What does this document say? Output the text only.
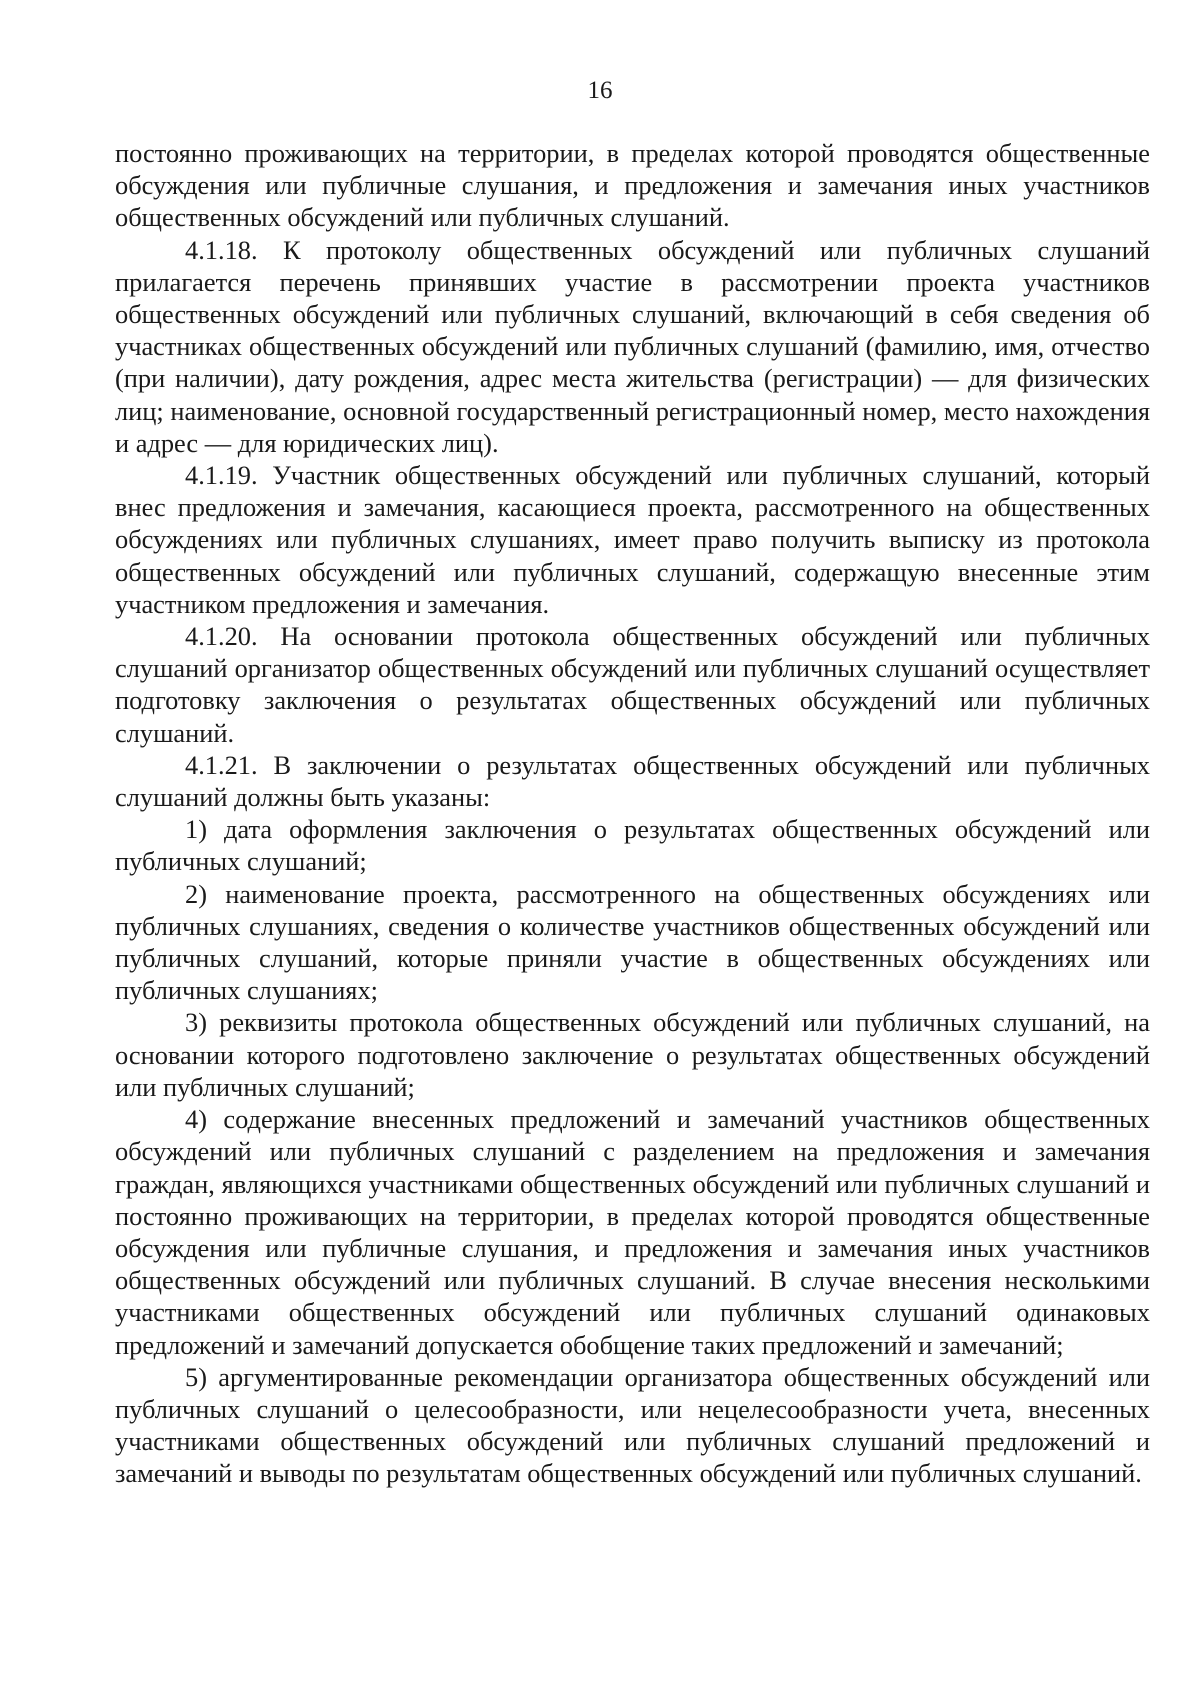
16

постоянно проживающих на территории, в пределах которой проводятся общественные обсуждения или публичные слушания, и предложения и замечания иных участников общественных обсуждений или публичных слушаний.

4.1.18. К протоколу общественных обсуждений или публичных слушаний прилагается перечень принявших участие в рассмотрении проекта участников общественных обсуждений или публичных слушаний, включающий в себя сведения об участниках общественных обсуждений или публичных слушаний (фамилию, имя, отчество (при наличии), дату рождения, адрес места жительства (регистрации) — для физических лиц; наименование, основной государственный регистрационный номер, место нахождения и адрес — для юридических лиц).

4.1.19. Участник общественных обсуждений или публичных слушаний, который внес предложения и замечания, касающиеся проекта, рассмотренного на общественных обсуждениях или публичных слушаниях, имеет право получить выписку из протокола общественных обсуждений или публичных слушаний, содержащую внесенные этим участником предложения и замечания.

4.1.20. На основании протокола общественных обсуждений или публичных слушаний организатор общественных обсуждений или публичных слушаний осуществляет подготовку заключения о результатах общественных обсуждений или публичных слушаний.

4.1.21. В заключении о результатах общественных обсуждений или публичных слушаний должны быть указаны:

1) дата оформления заключения о результатах общественных обсуждений или публичных слушаний;

2) наименование проекта, рассмотренного на общественных обсуждениях или публичных слушаниях, сведения о количестве участников общественных обсуждений или публичных слушаний, которые приняли участие в общественных обсуждениях или публичных слушаниях;

3) реквизиты протокола общественных обсуждений или публичных слушаний, на основании которого подготовлено заключение о результатах общественных обсуждений или публичных слушаний;

4) содержание внесенных предложений и замечаний участников общественных обсуждений или публичных слушаний с разделением на предложения и замечания граждан, являющихся участниками общественных обсуждений или публичных слушаний и постоянно проживающих на территории, в пределах которой проводятся общественные обсуждения или публичные слушания, и предложения и замечания иных участников общественных обсуждений или публичных слушаний. В случае внесения несколькими участниками общественных обсуждений или публичных слушаний одинаковых предложений и замечаний допускается обобщение таких предложений и замечаний;

5) аргументированные рекомендации организатора общественных обсуждений или публичных слушаний о целесообразности, или нецелесообразности учета, внесенных участниками общественных обсуждений или публичных слушаний предложений и замечаний и выводы по результатам общественных обсуждений или публичных слушаний.
